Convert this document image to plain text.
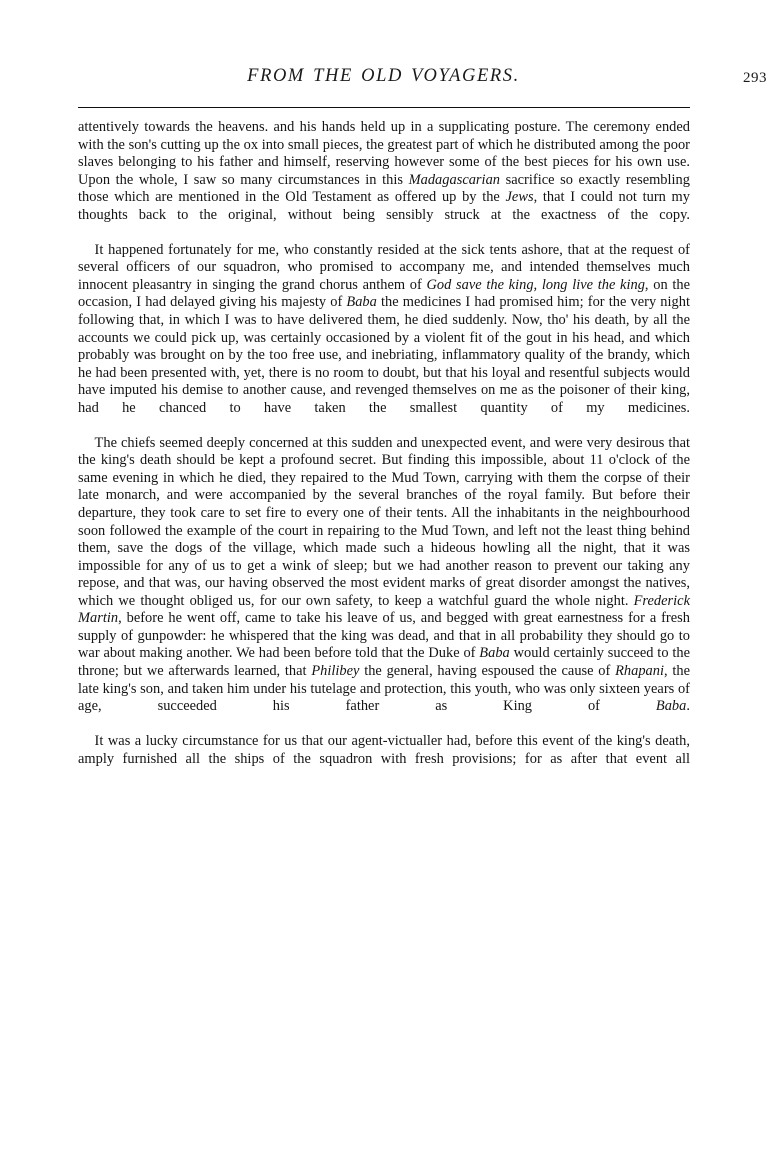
FROM THE OLD VOYAGERS.	293

attentively towards the heavens. and his hands held up in a supplicating posture. The ceremony ended with the son's cutting up the ox into small pieces, the greatest part of which he distributed among the poor slaves belonging to his father and himself, reserving however some of the best pieces for his own use. Upon the whole, I saw so many circumstances in this Madagascarian sacrifice so exactly resembling those which are mentioned in the Old Testament as offered up by the Jews, that I could not turn my thoughts back to the original, without being sensibly struck at the exactness of the copy.

It happened fortunately for me, who constantly resided at the sick tents ashore, that at the request of several officers of our squadron, who promised to accompany me, and intended themselves much innocent pleasantry in singing the grand chorus anthem of God save the king, long live the king, on the occasion, I had delayed giving his majesty of Baba the medicines I had promised him; for the very night following that, in which I was to have delivered them, he died suddenly. Now, tho' his death, by all the accounts we could pick up, was certainly occasioned by a violent fit of the gout in his head, and which probably was brought on by the too free use, and inebriating, inflammatory quality of the brandy, which he had been presented with, yet, there is no room to doubt, but that his loyal and resentful subjects would have imputed his demise to another cause, and revenged themselves on me as the poisoner of their king, had he chanced to have taken the smallest quantity of my medicines.

The chiefs seemed deeply concerned at this sudden and unexpected event, and were very desirous that the king's death should be kept a profound secret. But finding this impossible, about 11 o'clock of the same evening in which he died, they repaired to the Mud Town, carrying with them the corpse of their late monarch, and were accompanied by the several branches of the royal family. But before their departure, they took care to set fire to every one of their tents. All the inhabitants in the neighbourhood soon followed the example of the court in repairing to the Mud Town, and left not the least thing behind them, save the dogs of the village, which made such a hideous howling all the night, that it was impossible for any of us to get a wink of sleep; but we had another reason to prevent our taking any repose, and that was, our having observed the most evident marks of great disorder amongst the natives, which we thought obliged us, for our own safety, to keep a watchful guard the whole night. Frederick Martin, before he went off, came to take his leave of us, and begged with great earnestness for a fresh supply of gunpowder: he whispered that the king was dead, and that in all probability they should go to war about making another. We had been before told that the Duke of Baba would certainly succeed to the throne; but we afterwards learned, that Philibey the general, having espoused the cause of Rhapani, the late king's son, and taken him under his tutelage and protection, this youth, who was only sixteen years of age, succeeded his father as King of Baba.

It was a lucky circumstance for us that our agent-victualler had, before this event of the king's death, amply furnished all the ships of the squadron with fresh provisions; for as after that event all
